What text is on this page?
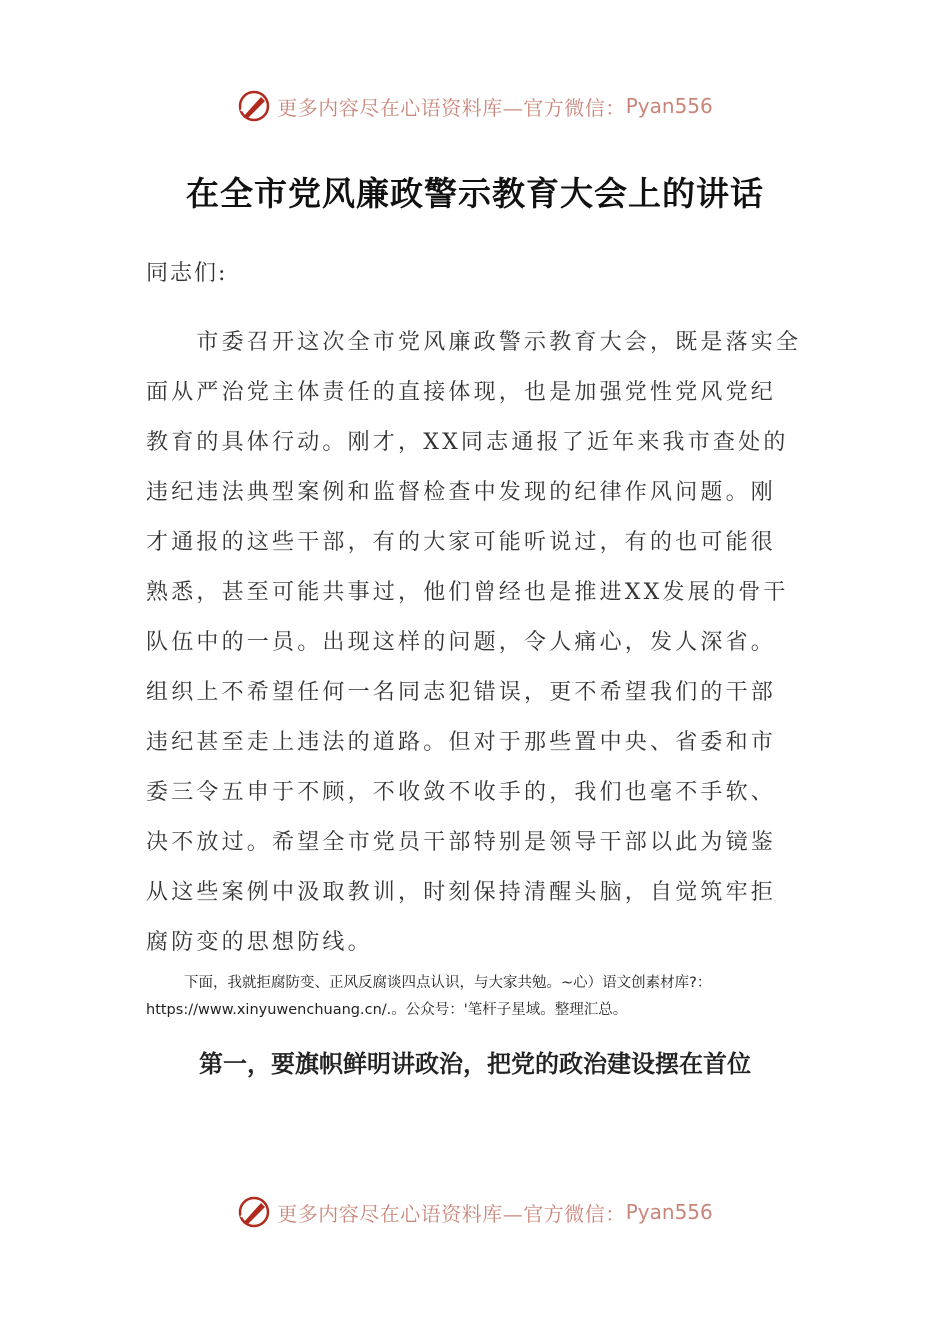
更多内容尽在心语资料库—官方微信： Pyan556
在全市党风廉政警示教育大会上的讲话
同志们:
　　市委召开这次全市党风廉政警示教育大会，既是落实全
面从严治党主体责任的直接体现，也是加强党性党风党纪
教育的具体行动。刚才，XX同志通报了近年来我市查处的
违纪违法典型案例和监督检查中发现的纪律作风问题。刚
才通报的这些干部，有的大家可能听说过，有的也可能很
熟悉，甚至可能共事过，他们曾经也是推进XX发展的骨干
队伍中的一员。出现这样的问题，令人痛心，发人深省。
组织上不希望任何一名同志犯错误，更不希望我们的干部
违纪甚至走上违法的道路。但对于那些置中央、省委和市
委三令五申于不顾，不收敛不收手的，我们也毫不手软、
决不放过。希望全市党员干部特别是领导干部以此为镜鉴
从这些案例中汲取教训，时刻保持清醒头脑，自觉筑牢拒
腐防变的思想防线。
下面，我就拒腐防变、正风反腐谈四点认识，与大家共勉。~心）语文创素材库?：
https://www.xinyuwenchuang.cn/.。公众号：'笔杆子星域。整理汇总。
第一，要旗帜鲜明讲政治，把党的政治建设摆在首位
更多内容尽在心语资料库—官方微信： Pyan556
